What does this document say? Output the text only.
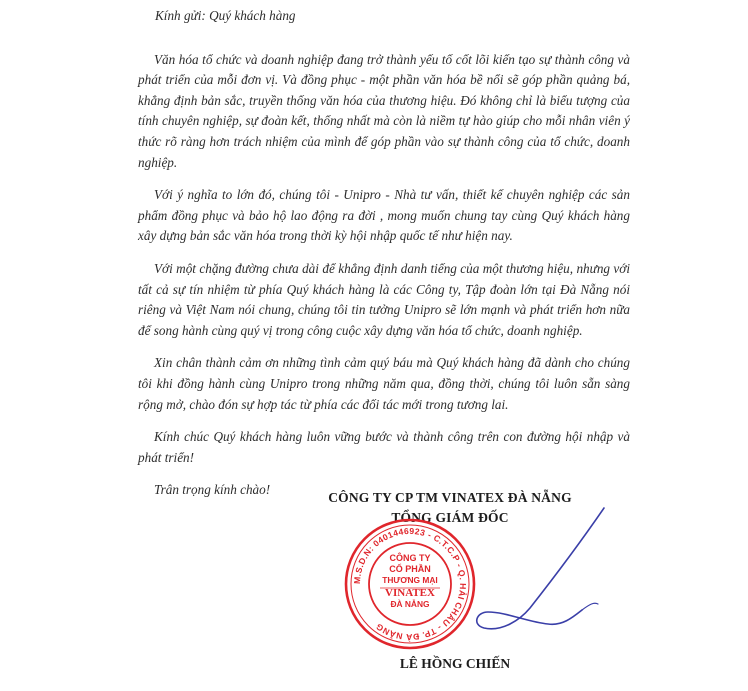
Kính gửi: Quý khách hàng

Văn hóa tổ chức và doanh nghiệp đang trở thành yếu tố cốt lõi kiến tạo sự thành công và phát triển của mỗi đơn vị. Và đồng phục - một phần văn hóa bề nổi sẽ góp phần quảng bá, khẳng định bản sắc, truyền thống văn hóa của thương hiệu. Đó không chỉ là biểu tượng của tính chuyên nghiệp, sự đoàn kết, thống nhất mà còn là niềm tự hào giúp cho mỗi nhân viên ý thức rõ ràng hơn trách nhiệm của mình để góp phần vào sự thành công của tổ chức, doanh nghiệp.

Với ý nghĩa to lớn đó, chúng tôi - Unipro - Nhà tư vấn, thiết kế chuyên nghiệp các sản phẩm đồng phục và bảo hộ lao động ra đời , mong muốn chung tay cùng Quý khách hàng xây dựng bản sắc văn hóa trong thời kỳ hội nhập quốc tế như hiện nay.

Với một chặng đường chưa dài để khẳng định danh tiếng của một thương hiệu, nhưng với tất cả sự tín nhiệm từ phía Quý khách hàng là các Công ty, Tập đoàn lớn tại Đà Nẵng nói riêng và Việt Nam nói chung, chúng tôi tin tưởng Unipro sẽ lớn mạnh và phát triển hơn nữa để song hành cùng quý vị trong công cuộc xây dựng văn hóa tổ chức, doanh nghiệp.

Xin chân thành cảm ơn những tình cảm quý báu mà Quý khách hàng đã dành cho chúng tôi khi đồng hành cùng Unipro trong những năm qua, đồng thời, chúng tôi luôn sẵn sàng rộng mở, chào đón sự hợp tác từ phía các đối tác mới trong tương lai.

Kính chúc Quý khách hàng luôn vững bước và thành công trên con đường hội nhập và phát triển!

Trân trọng kính chào!

CÔNG TY CP TM VINATEX ĐÀ NẴNG
TỔNG GIÁM ĐỐC
M.S.D.N: 0401446923 - C.T.C.P - Q. HẢI CHÂU - TP. ĐÀ NẴNG
CÔNG TY
CỔ PHẦN
THƯƠNG MẠI
VINATEX
ĐÀ NẴNG
LÊ HỒNG CHIẾN
